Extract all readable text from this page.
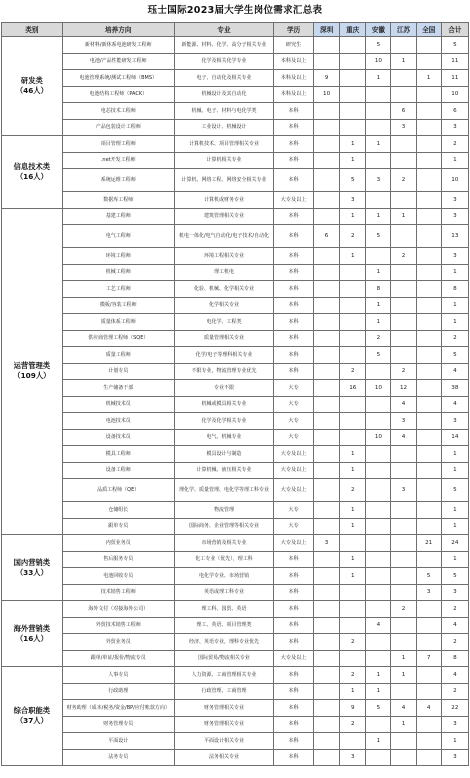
珏士国际2023届大学生岗位需求汇总表
类别	培养方向	专业	学历	深圳	重庆	安徽	江苏	全国	合计
研发类
（46人）	新材料/新休系电池研发工程师	新能源、材料、化学、高分子相关专业	研究生			5			5
	电池/产品性能研发工程师	化学及相关化学专业	本科及以上			10	1		11
	电池管理系统/测试工程师（BMS）	电子、自动化及相关专业	本科及以上	9		1		1	11
	电池结构工程师（PACK）	机械设计及其自动化	本科及以上	10					10
	电芯技术工程师	机械、电子、材料与电化学类	本科				6		6
	产品包装设计工程师	工业设计、机械设计	本科				3		3
信息技术类
（16人）	项目管理工程师	计算机技术、项目管理相关专业	本科		1	1			2
	.net开发工程师	计算机相关专业	本科		1				1
	系统运维工程师	计算机、网络工程、网络安全相关专业	本科		5	3	2		10
	数据库工程师	计算机或财务专业	大专及以上		3				3
运营管理类
（109人）	基建工程师	建筑管理相关专业	本科		1	1	1		3
	电气工程师	机电一体化/电气自动化/电子技术/自动化	本科	6	2	5			13
	环境工程师	环境工程相关专业	本科		1		2		3
	机械工程师	理工机电	本科			1			1
	工艺工程师	化验、机械、化学相关专业	本科			8			8
	模板/容装工程师	化学相关专业	本科			1			1
	质量体系工程师	电化学、工程类	本科			1			1
	供应商管理工程师（SQE）	质量管理相关专业	本科			2			2
	质量工程师	化学/电子等理科相关专业	本科			5			5
	计划专员	不限专业，物流管理专业优先	本科		2		2		4
	生产储备干部	专业不限	大专		16	10	12		38
	机械技术员	机械或模具相关专业	大专				4		4
	电池技术员	化学及化学相关专业	大专				3		3
	设备技术员	电气、机械专业	大专			10	4		14
	模具工程师	模具设计与制造	大专及以上		1				1
	设备工程师	计算机械、液压相关专业	大专及以上		1				1
	品质工程师（QE）	理化学、质量管理、电化学等理工科专业	大专及以上		2		3		5
	仓储组长	物流管理	大专		1				1
	跟单专员	国际商务、企业管理等相关专业	大专		1				1
国内营销类
（33人）	内贸业务员	市场营销及相关专业	大专及以上	3				21	24
	售后服务专员	化工专业（优先），理工科	本科		1				1
	电池回收专员	电化学专业、市场营销	本科		1			5	5
	技术销售工程师	英语或理工科专业	本科					3	3
海外营销类
（16人）	海外文付（对接海外公司）	理工科、国贸、英语	本科				2		2
	外贸技术销售工程师	理工、英语、项目管理类	本科			4			4
	外贸业务员	经济、英语专业，理科专业优先	本科		2				2
	跟单/单证/报价/物流专员	国际贸易/物流相关专业	大专及以上				1	7	8
综合职能类
（37人）	人事专员	人力资源、工商管理相关专业	本科		2	1	1		4
	行政助理	行政管理、工商管理	本科		1	1			2
	财务助理（成本/税务/资金/BP/应付账款方向）	财务管理相关专业	本科		9	5	4	4	22
	财务管理专员	财务管理相关专业	本科		2		1		3
	平面设计	平面设计相关专业	本科			1			1
	法务专员	法务相关专业	本科		3				3
